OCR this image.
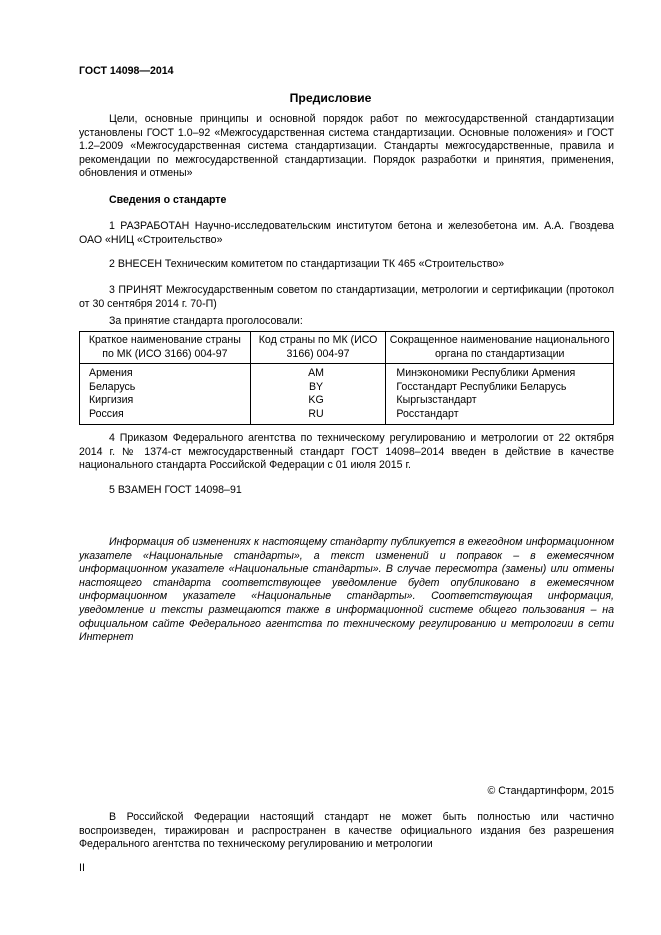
ГОСТ 14098—2014
Предисловие
Цели, основные принципы и основной порядок работ по межгосударственной стандартизации установлены ГОСТ 1.0–92 «Межгосударственная система стандартизации. Основные положения» и ГОСТ 1.2–2009 «Межгосударственная система стандартизации. Стандарты межгосударственные, правила и рекомендации по межгосударственной стандартизации. Порядок разработки и принятия, применения, обновления и отмены»
Сведения о стандарте
1 РАЗРАБОТАН Научно-исследовательским институтом бетона и железобетона им. А.А. Гвоздева ОАО «НИЦ «Строительство»
2 ВНЕСЕН Техническим комитетом по стандартизации ТК 465 «Строительство»
3 ПРИНЯТ Межгосударственным советом по стандартизации, метрологии и сертификации (протокол от 30 сентября 2014 г. 70-П)
За принятие стандарта проголосовали:
Краткое наименование страны по МК (ИСО 3166) 004-97	Код страны по МК (ИСО 3166) 004-97	Сокращенное наименование национального органа по стандартизации
Армения	AM	Минэкономики Республики Армения
Беларусь	BY	Госстандарт Республики Беларусь
Киргизия	KG	Кыргызстандарт
Россия	RU	Росстандарт
4 Приказом Федерального агентства по техническому регулированию и метрологии от 22 октября 2014 г. № 1374-ст межгосударственный стандарт ГОСТ 14098–2014 введен в действие в качестве национального стандарта Российской Федерации с 01 июля 2015 г.
5 ВЗАМЕН ГОСТ 14098–91
Информация об изменениях к настоящему стандарту публикуется в ежегодном информационном указателе «Национальные стандарты», а текст изменений и поправок – в ежемесячном информационном указателе «Национальные стандарты». В случае пересмотра (замены) или отмены настоящего стандарта соответствующее уведомление будет опубликовано в ежемесячном информационном указателе «Национальные стандарты». Соответствующая информация, уведомление и тексты размещаются также в информационной системе общего пользования – на официальном сайте Федерального агентства по техническому регулированию и метрологии в сети Интернет
© Стандартинформ, 2015
В Российской Федерации настоящий стандарт не может быть полностью или частично воспроизведен, тиражирован и распространен в качестве официального издания без разрешения Федерального агентства по техническому регулированию и метрологии
II
